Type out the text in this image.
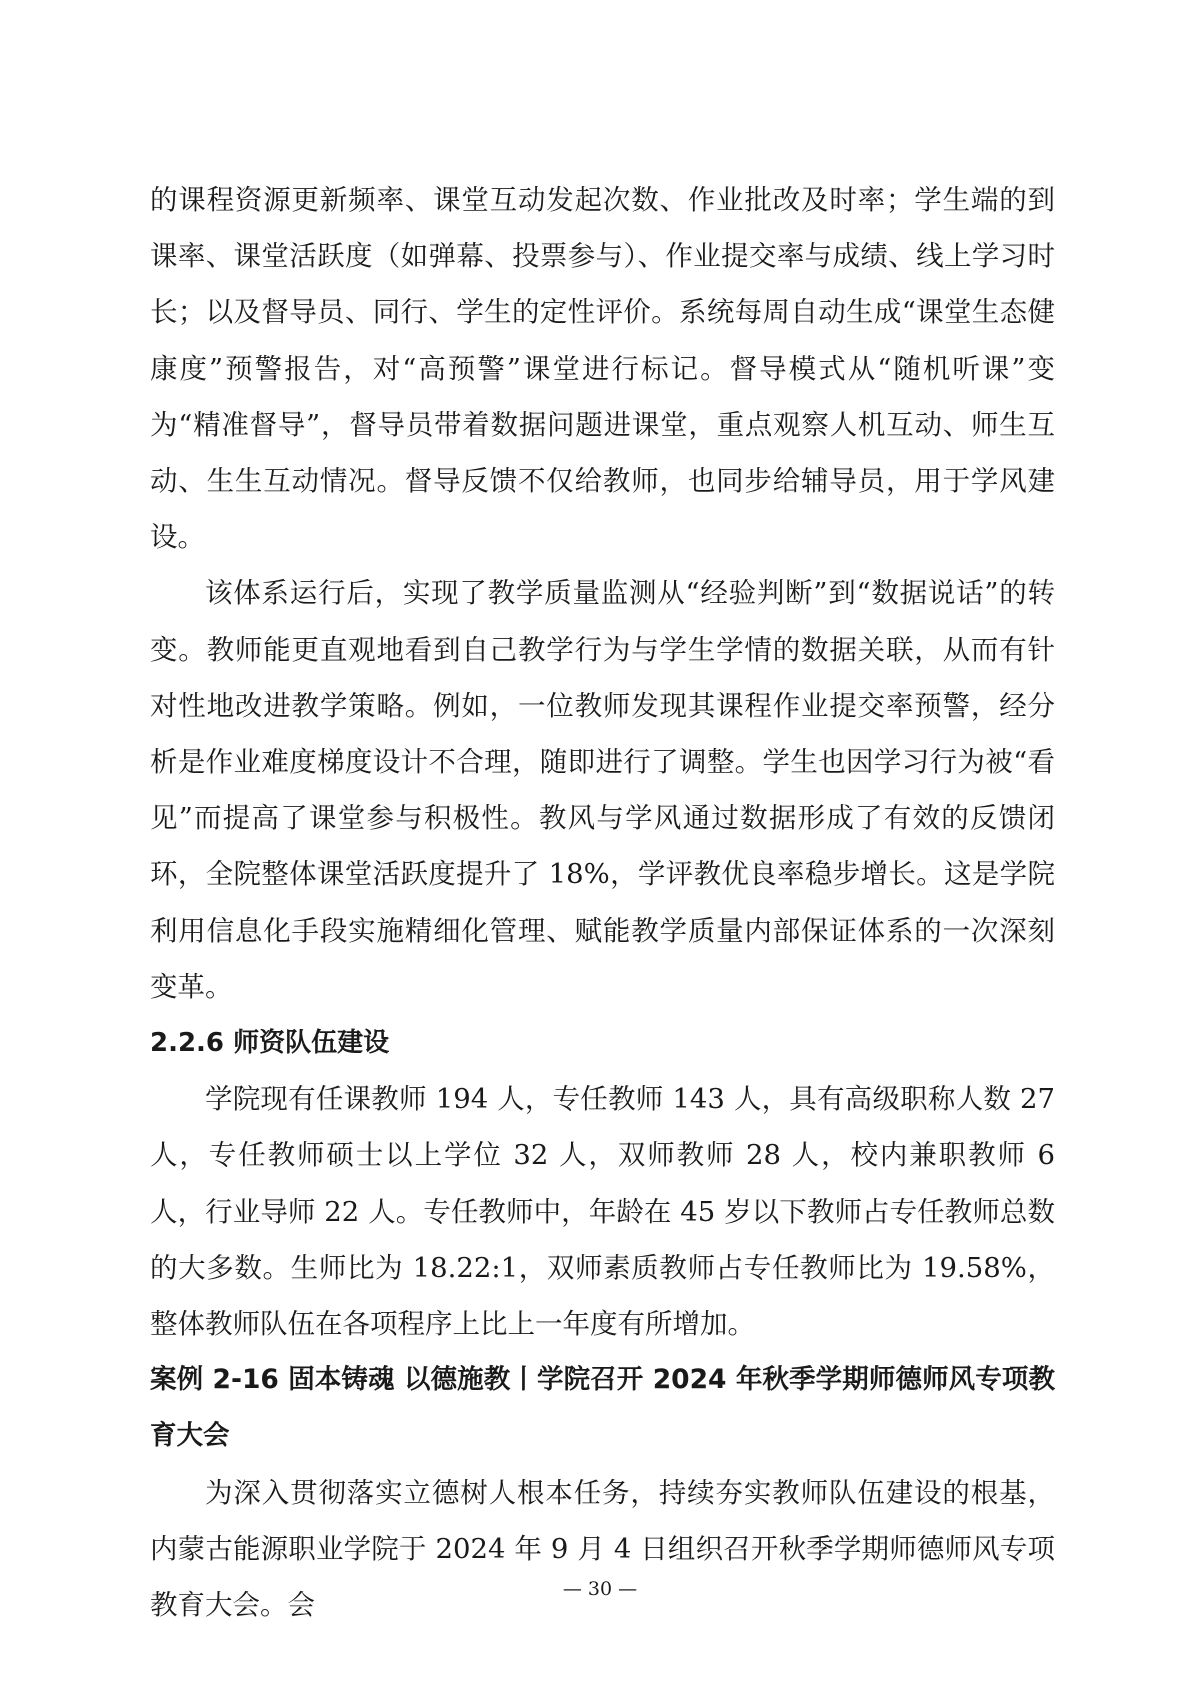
的课程资源更新频率、课堂互动发起次数、作业批改及时率；学生端的到课率、课堂活跃度（如弹幕、投票参与）、作业提交率与成绩、线上学习时长；以及督导员、同行、学生的定性评价。系统每周自动生成“课堂生态健康度”预警报告，对“高预警”课堂进行标记。督导模式从“随机听课”变为“精准督导”，督导员带着数据问题进课堂，重点观察人机互动、师生互动、生生互动情况。督导反馈不仅给教师，也同步给辅导员，用于学风建设。

该体系运行后，实现了教学质量监测从“经验判断”到“数据说话”的转变。教师能更直观地看到自己教学行为与学生学情的数据关联，从而有针对性地改进教学策略。例如，一位教师发现其课程作业提交率预警，经分析是作业难度梯度设计不合理，随即进行了调整。学生也因学习行为被“看见”而提高了课堂参与积极性。教风与学风通过数据形成了有效的反馈闭环，全院整体课堂活跃度提升了 18%，学评教优良率稳步增长。这是学院利用信息化手段实施精细化管理、赋能教学质量内部保证体系的一次深刻变革。

2.2.6 师资队伍建设

学院现有任课教师 194 人，专任教师 143 人，具有高级职称人数 27 人，专任教师硕士以上学位 32 人，双师教师 28 人，校内兼职教师 6 人，行业导师 22 人。专任教师中，年龄在 45 岁以下教师占专任教师总数的大多数。生师比为 18.22:1，双师素质教师占专任教师比为 19.58%，整体教师队伍在各项程序上比上一年度有所增加。

案例 2-16 固本铸魂 以德施教丨学院召开 2024 年秋季学期师德师风专项教育大会

为深入贯彻落实立德树人根本任务，持续夯实教师队伍建设的根基，内蒙古能源职业学院于 2024 年 9 月 4 日组织召开秋季学期师德师风专项教育大会。会

— 30 —
